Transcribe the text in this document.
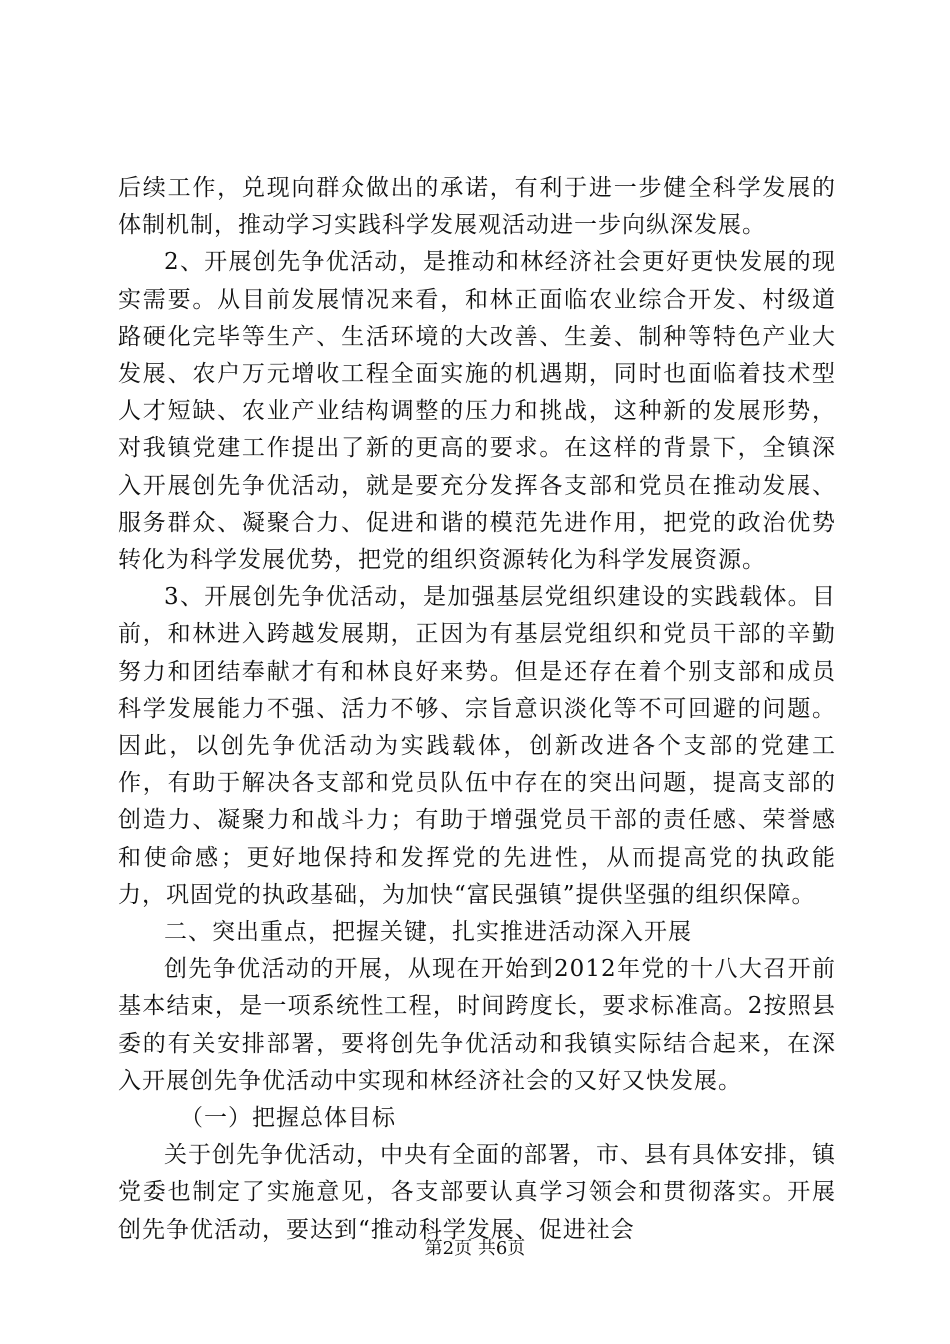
后续工作，兑现向群众做出的承诺，有利于进一步健全科学发展的体制机制，推动学习实践科学发展观活动进一步向纵深发展。

2、开展创先争优活动，是推动和林经济社会更好更快发展的现实需要。从目前发展情况来看，和林正面临农业综合开发、村级道路硬化完毕等生产、生活环境的大改善、生姜、制种等特色产业大发展、农户万元增收工程全面实施的机遇期，同时也面临着技术型人才短缺、农业产业结构调整的压力和挑战，这种新的发展形势，对我镇党建工作提出了新的更高的要求。在这样的背景下，全镇深入开展创先争优活动，就是要充分发挥各支部和党员在推动发展、服务群众、凝聚合力、促进和谐的模范先进作用，把党的政治优势转化为科学发展优势，把党的组织资源转化为科学发展资源。

3、开展创先争优活动，是加强基层党组织建设的实践载体。目前，和林进入跨越发展期，正因为有基层党组织和党员干部的辛勤努力和团结奉献才有和林良好来势。但是还存在着个别支部和成员科学发展能力不强、活力不够、宗旨意识淡化等不可回避的问题。因此，以创先争优活动为实践载体，创新改进各个支部的党建工作，有助于解决各支部和党员队伍中存在的突出问题，提高支部的创造力、凝聚力和战斗力；有助于增强党员干部的责任感、荣誉感和使命感；更好地保持和发挥党的先进性，从而提高党的执政能力，巩固党的执政基础，为加快“富民强镇”提供坚强的组织保障。

二、突出重点，把握关键，扎实推进活动深入开展

创先争优活动的开展，从现在开始到2012年党的十八大召开前基本结束，是一项系统性工程，时间跨度长，要求标准高。2按照县委的有关安排部署，要将创先争优活动和我镇实际结合起来，在深入开展创先争优活动中实现和林经济社会的又好又快发展。

（一）把握总体目标

关于创先争优活动，中央有全面的部署，市、县有具体安排，镇党委也制定了实施意见，各支部要认真学习领会和贯彻落实。开展创先争优活动，要达到“推动科学发展、促进社会

第2页 共6页
